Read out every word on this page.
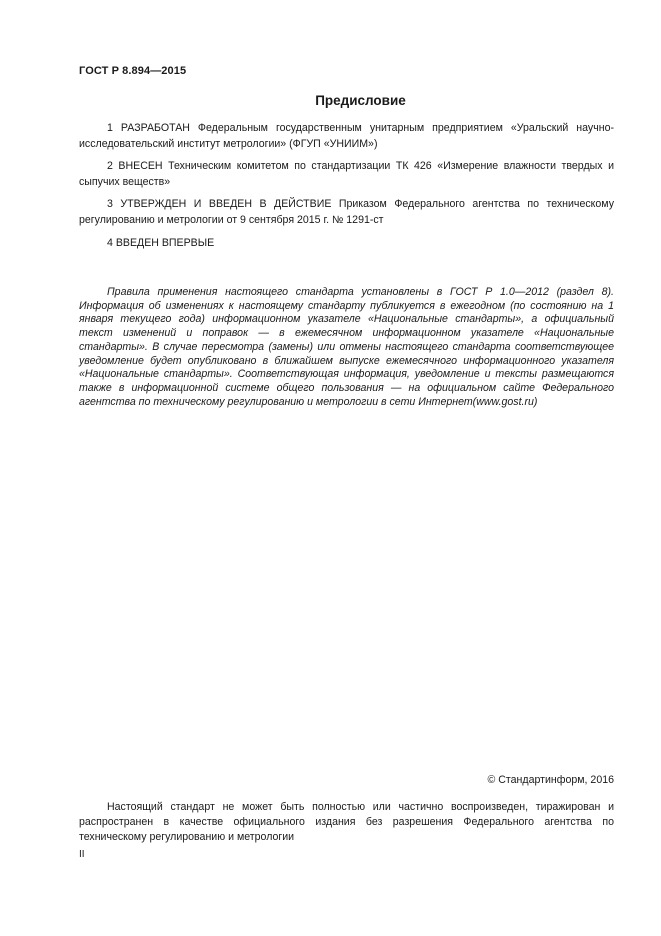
ГОСТ Р 8.894—2015
Предисловие
1 РАЗРАБОТАН Федеральным государственным унитарным предприятием «Уральский научно-исследовательский институт метрологии» (ФГУП «УНИИМ»)
2 ВНЕСЕН Техническим комитетом по стандартизации ТК 426 «Измерение влажности твердых и сыпучих веществ»
3 УТВЕРЖДЕН И ВВЕДЕН В ДЕЙСТВИЕ Приказом Федерального агентства по техническому регулированию и метрологии от 9 сентября 2015 г. № 1291-ст
4 ВВЕДЕН ВПЕРВЫЕ
Правила применения настоящего стандарта установлены в ГОСТ Р 1.0—2012 (раздел 8). Информация об изменениях к настоящему стандарту публикуется в ежегодном (по состоянию на 1 января текущего года) информационном указателе «Национальные стандарты», а официальный текст изменений и поправок — в ежемесячном информационном указателе «Национальные стандарты». В случае пересмотра (замены) или отмены настоящего стандарта соответствующее уведомление будет опубликовано в ближайшем выпуске ежемесячного информационного указателя «Национальные стандарты». Соответствующая информация, уведомление и тексты размещаются также в информационной системе общего пользования — на официальном сайте Федерального агентства по техническому регулированию и метрологии в сети Интернет(www.gost.ru)
© Стандартинформ, 2016
Настоящий стандарт не может быть полностью или частично воспроизведен, тиражирован и распространен в качестве официального издания без разрешения Федерального агентства по техническому регулированию и метрологии
II
